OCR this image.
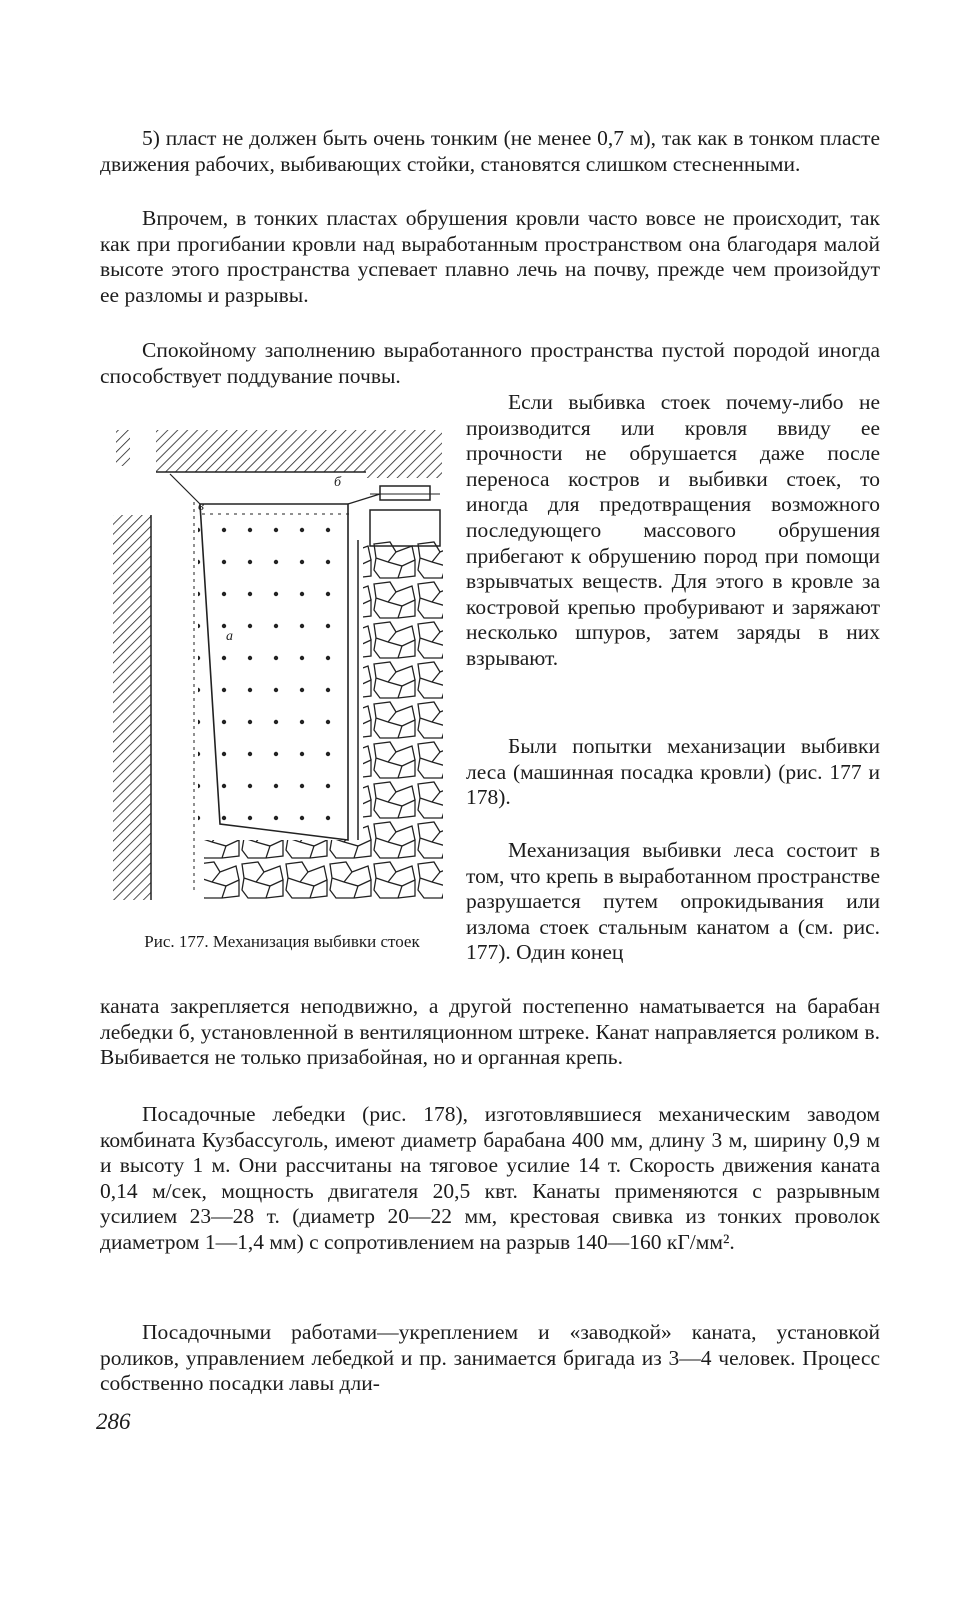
5) пласт не должен быть очень тонким (не менее 0,7 м), так как в тонком пласте движения рабочих, выбивающих стойки, становятся слишком стесненными.

Впрочем, в тонких пластах обрушения кровли часто вовсе не происходит, так как при прогибании кровли над выработанным пространством она благодаря малой высоте этого пространства успевает плавно лечь на почву, прежде чем произойдут ее разломы и разрывы.

Спокойному заполнению выработанного пространства пустой породой иногда способствует поддувание почвы.

Если выбивка стоек почему-либо не производится или кровля ввиду ее прочности не обрушается даже после переноса костров и выбивки стоек, то иногда для предотвращения возможного последующего массового обрушения прибегают к обрушению пород при помощи взрывчатых веществ. Для этого в кровле за костровой крепью пробуривают и заряжают несколько шпуров, затем заряды в них взрывают.

Были попытки механизации выбивки леса (машинная посадка кровли) (рис. 177 и 178).

Механизация выбивки леса состоит в том, что крепь в выработанном пространстве разрушается путем опрокидывания или излома стоек стальным канатом а (см. рис. 177). Один конец

в
б
а
Рис. 177. Механизация выбивки стоек

каната закрепляется неподвижно, а другой постепенно наматывается на барабан лебедки б, установленной в вентиляционном штреке. Канат направляется роликом в. Выбивается не только призабойная, но и органная крепь.

Посадочные лебедки (рис. 178), изготовлявшиеся механическим заводом комбината Кузбассуголь, имеют диаметр барабана 400 мм, длину 3 м, ширину 0,9 м и высоту 1 м. Они рассчитаны на тяговое усилие 14 т. Скорость движения каната 0,14 м/сек, мощность двигателя 20,5 квт. Канаты применяются с разрывным усилием 23—28 т. (диаметр 20—22 мм, крестовая свивка из тонких проволок диаметром 1—1,4 мм) с сопротивлением на разрыв 140—160 кГ/мм².

Посадочными работами—укреплением и «заводкой» каната, установкой роликов, управлением лебедкой и пр. занимается бригада из 3—4 человек. Процесс собственно посадки лавы дли-

286
